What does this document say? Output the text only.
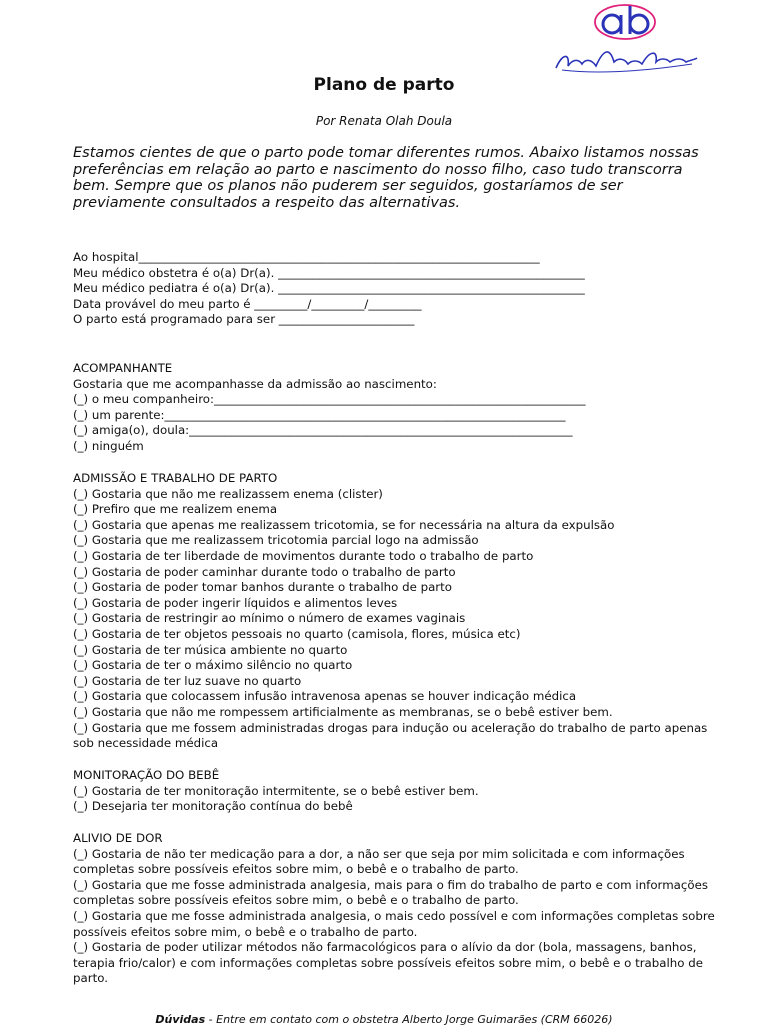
Plano de parto

Por Renata Olah Doula

Estamos cientes de que o parto pode tomar diferentes rumos. Abaixo listamos nossas preferências em relação ao parto e nascimento do nosso filho, caso tudo transcorra bem. Sempre que os planos não puderem ser seguidos, gostaríamos de ser previamente consultados a respeito das alternativas.

Ao hospital____________________________________________________________________

Meu médico obstetra é o(a) Dr(a). ____________________________________________________

Meu médico pediatra é o(a) Dr(a). ____________________________________________________

Data provável do meu parto é _________/_________/_________

O parto está programado para ser _______________________

ACOMPANHANTE

Gostaria que me acompanhasse da admissão ao nascimento:

(_) o meu companheiro:_______________________________________________________________

(_) um parente:____________________________________________________________________

(_) amiga(o), doula:_________________________________________________________________

(_) ninguém

ADMISSÃO E TRABALHO DE PARTO

(_) Gostaria que não me realizassem enema (clister)

(_) Prefiro que me realizem enema

(_) Gostaria que apenas me realizassem tricotomia, se for necessária na altura da expulsão

(_) Gostaria que me realizassem tricotomia parcial logo na admissão

(_) Gostaria de ter liberdade de movimentos durante todo o trabalho de parto

(_) Gostaria de poder caminhar durante todo o trabalho de parto

(_) Gostaria de poder tomar banhos durante o trabalho de parto

(_) Gostaria de poder ingerir líquidos e alimentos leves

(_) Gostaria de restringir ao mínimo o número de exames vaginais

(_) Gostaria de ter objetos pessoais no quarto (camisola, flores, música etc)

(_) Gostaria de ter música ambiente no quarto

(_) Gostaria de ter o máximo silêncio no quarto

(_) Gostaria de ter luz suave no quarto

(_) Gostaria que colocassem infusão intravenosa apenas se houver indicação médica

(_) Gostaria que não me rompessem artificialmente as membranas, se o bebê estiver bem.

(_) Gostaria que me fossem administradas drogas para indução ou aceleração do trabalho de parto apenas sob necessidade médica

MONITORAÇÃO DO BEBÊ

(_) Gostaria de ter monitoração intermitente, se o bebê estiver bem.

(_) Desejaria ter monitoração contínua do bebê

ALIVIO DE DOR

(_) Gostaria de não ter medicação para a dor, a não ser que seja por mim solicitada e com informações completas sobre possíveis efeitos sobre mim, o bebê e o trabalho de parto.

(_) Gostaria que me fosse administrada analgesia, mais para o fim do trabalho de parto e com informações completas sobre possíveis efeitos sobre mim, o bebê e o trabalho de parto.

(_) Gostaria que me fosse administrada analgesia, o mais cedo possível e com informações completas sobre possíveis efeitos sobre mim, o bebê e o trabalho de parto.

(_) Gostaria de poder utilizar métodos não farmacológicos para o alívio da dor (bola, massagens, banhos, terapia frio/calor) e com informações completas sobre possíveis efeitos sobre mim, o bebê e o trabalho de parto.

Dúvidas - Entre em contato com o obstetra Alberto Jorge Guimarães (CRM 66026)
